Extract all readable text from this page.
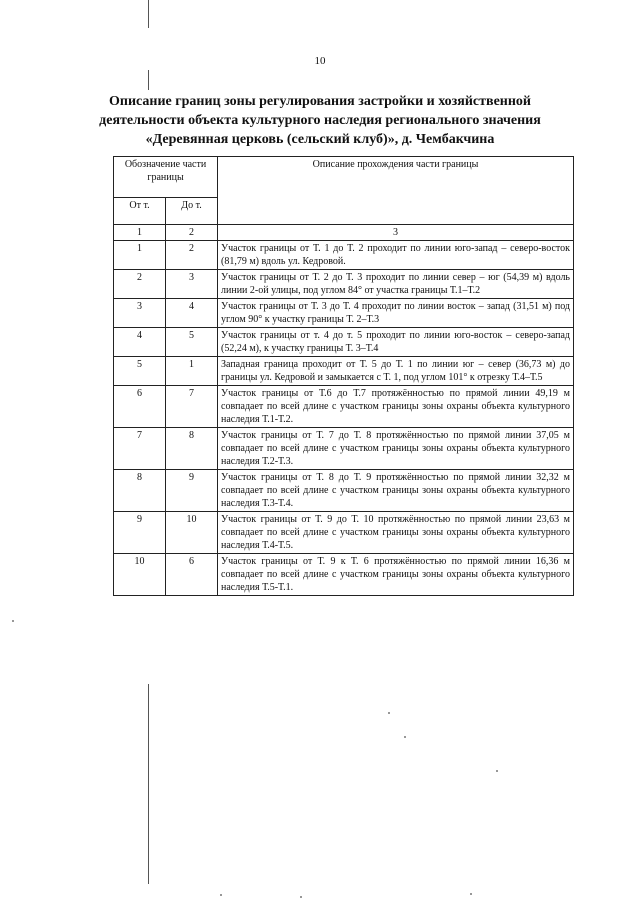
10
Описание границ зоны регулирования застройки и хозяйственной
деятельности объекта культурного наследия регионального значения
«Деревянная церковь (сельский клуб)», д. Чембакчина
Обозначение части границы		Описание прохождения части границы
От т.	До т.	
1	2	3
1	2	Участок границы от Т. 1 до Т. 2 проходит по линии юго-запад – северо-восток (81,79 м) вдоль ул. Кедровой.
2	3	Участок границы от Т. 2 до Т. 3 проходит по линии север – юг (54,39 м) вдоль линии 2-ой улицы, под углом 84° от участка границы Т.1–Т.2
3	4	Участок границы от Т. 3 до Т. 4 проходит по линии восток – запад (31,51 м) под углом 90° к участку границы Т. 2–Т.3
4	5	Участок границы от т. 4 до т. 5 проходит по линии юго-восток – северо-запад (52,24 м), к участку границы Т. 3–Т.4
5	1	Западная граница проходит от Т. 5 до Т. 1 по линии юг – север (36,73 м) до границы ул. Кедровой и замыкается с Т. 1, под углом 101° к отрезку Т.4–Т.5
6	7	Участок границы от Т.6 до Т.7 протяжённостью по прямой линии 49,19 м совпадает по всей длине с участком границы зоны охраны объекта культурного наследия Т.1-Т.2.
7	8	Участок границы от Т. 7 до Т. 8 протяжённостью по прямой линии 37,05 м совпадает по всей длине с участком границы зоны охраны объекта культурного наследия Т.2-Т.3.
8	9	Участок границы от Т. 8 до Т. 9 протяжённостью по прямой линии 32,32 м совпадает по всей длине с участком границы зоны охраны объекта культурного наследия Т.3-Т.4.
9	10	Участок границы от Т. 9 до Т. 10 протяжённостью по прямой линии 23,63 м совпадает по всей длине с участком границы зоны охраны объекта культурного наследия Т.4-Т.5.
10	6	Участок границы от Т. 9 к Т. 6 протяжённостью по прямой линии 16,36 м совпадает по всей длине с участком границы зоны охраны объекта культурного наследия Т.5-Т.1.
